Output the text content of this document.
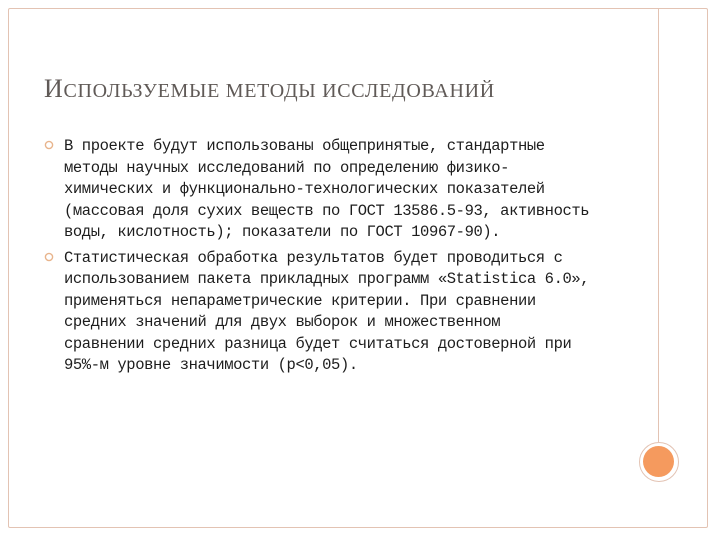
ИСПОЛЬЗУЕМЫЕ МЕТОДЫ ИССЛЕДОВАНИЙ
В проекте будут использованы общепринятые, стандартные
методы научных исследований по определению физико-
химических и функционально-технологических показателей
(массовая доля сухих веществ по ГОСТ 13586.5-93, активность
воды, кислотность); показатели по ГОСТ 10967-90).
Статистическая обработка результатов будет проводиться с
использованием пакета прикладных программ «Statistica 6.0»,
применяться непараметрические критерии. При сравнении
средних значений для двух выборок и множественном
сравнении средних разница будет считаться достоверной при
95%-м уровне значимости (p<0,05).
